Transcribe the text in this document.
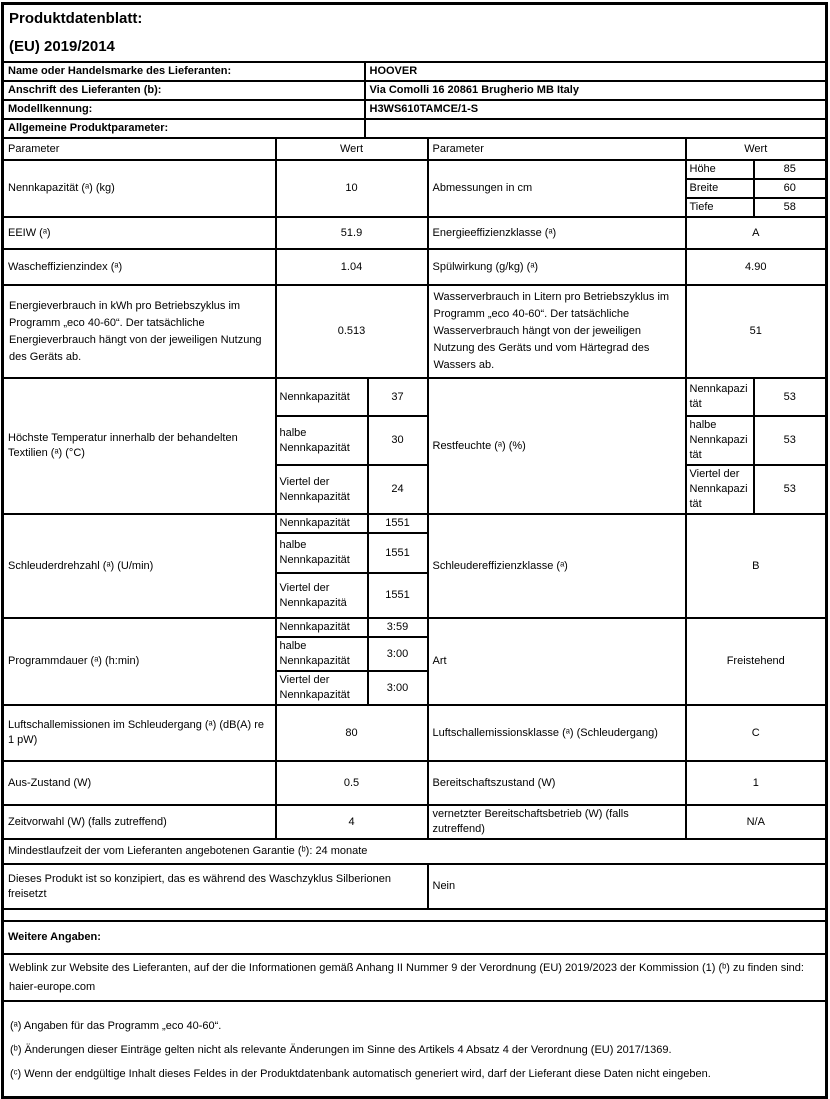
Produktdatenblatt:
(EU) 2019/2014						

Name oder Handelsmarke des Lieferanten:		HOOVER				
Anschrift des Lieferanten (b):		Via Comolli 16 20861 Brugherio MB Italy				
Modellkennung:		H3WS610TAMCE/1-S				
Allgemeine Produktparameter:						
Parameter	Wert			Parameter	Wert	
Nennkapazität (ᵃ) (kg)	10			Abmessungen in cm	Höhe	85
					Breite	60
					Tiefe	58
EEIW (ᵃ)	51.9			Energieeffizienzklasse (ᵃ)	A	
Wascheffizienzindex (ᵃ)	1.04			Spülwirkung (g/kg) (ᵃ)	4.90	
Energieverbrauch in kWh pro Betriebszyklus im Programm „eco 40-60“. Der tatsächliche Energieverbrauch hängt von der jeweiligen Nutzung des Geräts ab.	0.513			Wasserverbrauch in Litern pro Betriebszyklus im Programm „eco 40-60“. Der tatsächliche Wasserverbrauch hängt von der jeweiligen Nutzung des Geräts und vom Härtegrad des Wassers ab.	51	
Höchste Temperatur innerhalb der behandelten Textilien (ᵃ) (°C)	Nennkapazität		37	Restfeuchte (ᵃ) (%)	Nennkapazität	53
	halbe Nennkapazität		30		halbe Nennkapazität	53
	Viertel der Nennkapazität		24		Viertel der Nennkapazität	53
Schleuderdrehzahl (ᵃ) (U/min)	Nennkapazität		1551	Schleudereffizienzklasse (ᵃ)	B	
	halbe Nennkapazität		1551			
	Viertel der Nennkapazitä		1551			
Programmdauer (ᵃ) (h:min)	Nennkapazität		3:59	Art	Freistehend	
	halbe Nennkapazität		3:00			
	Viertel der Nennkapazität		3:00			
Luftschallemissionen im Schleudergang (ᵃ) (dB(A) re 1 pW)	80			Luftschallemissionsklasse (ᵃ) (Schleudergang)	C	
Aus-Zustand (W)	0.5			Bereitschaftszustand (W)	1	
Zeitvorwahl (W) (falls zutreffend)	4			vernetzter Bereitschaftsbetrieb (W) (falls zutreffend)	N/A	
Mindestlaufzeit der vom Lieferanten angebotenen Garantie (ᵇ): 24 monate						
Dieses Produkt ist so konzipiert, das es während des Waschzyklus Silberionen freisetzt				Nein		

Weitere Angaben:						
Weblink zur Website des Lieferanten, auf der die Informationen gemäß Anhang II Nummer 9 der Verordnung (EU) 2019/2023 der Kommission (1) (ᵇ) zu finden sind: haier-europe.com						

(ᵃ) Angaben für das Programm „eco 40-60“.
(ᵇ) Änderungen dieser Einträge gelten nicht als relevante Änderungen im Sinne des Artikels 4 Absatz 4 der Verordnung (EU) 2017/1369.
(ᶜ) Wenn der endgültige Inhalt dieses Feldes in der Produktdatenbank automatisch generiert wird, darf der Lieferant diese Daten nicht eingeben.						
